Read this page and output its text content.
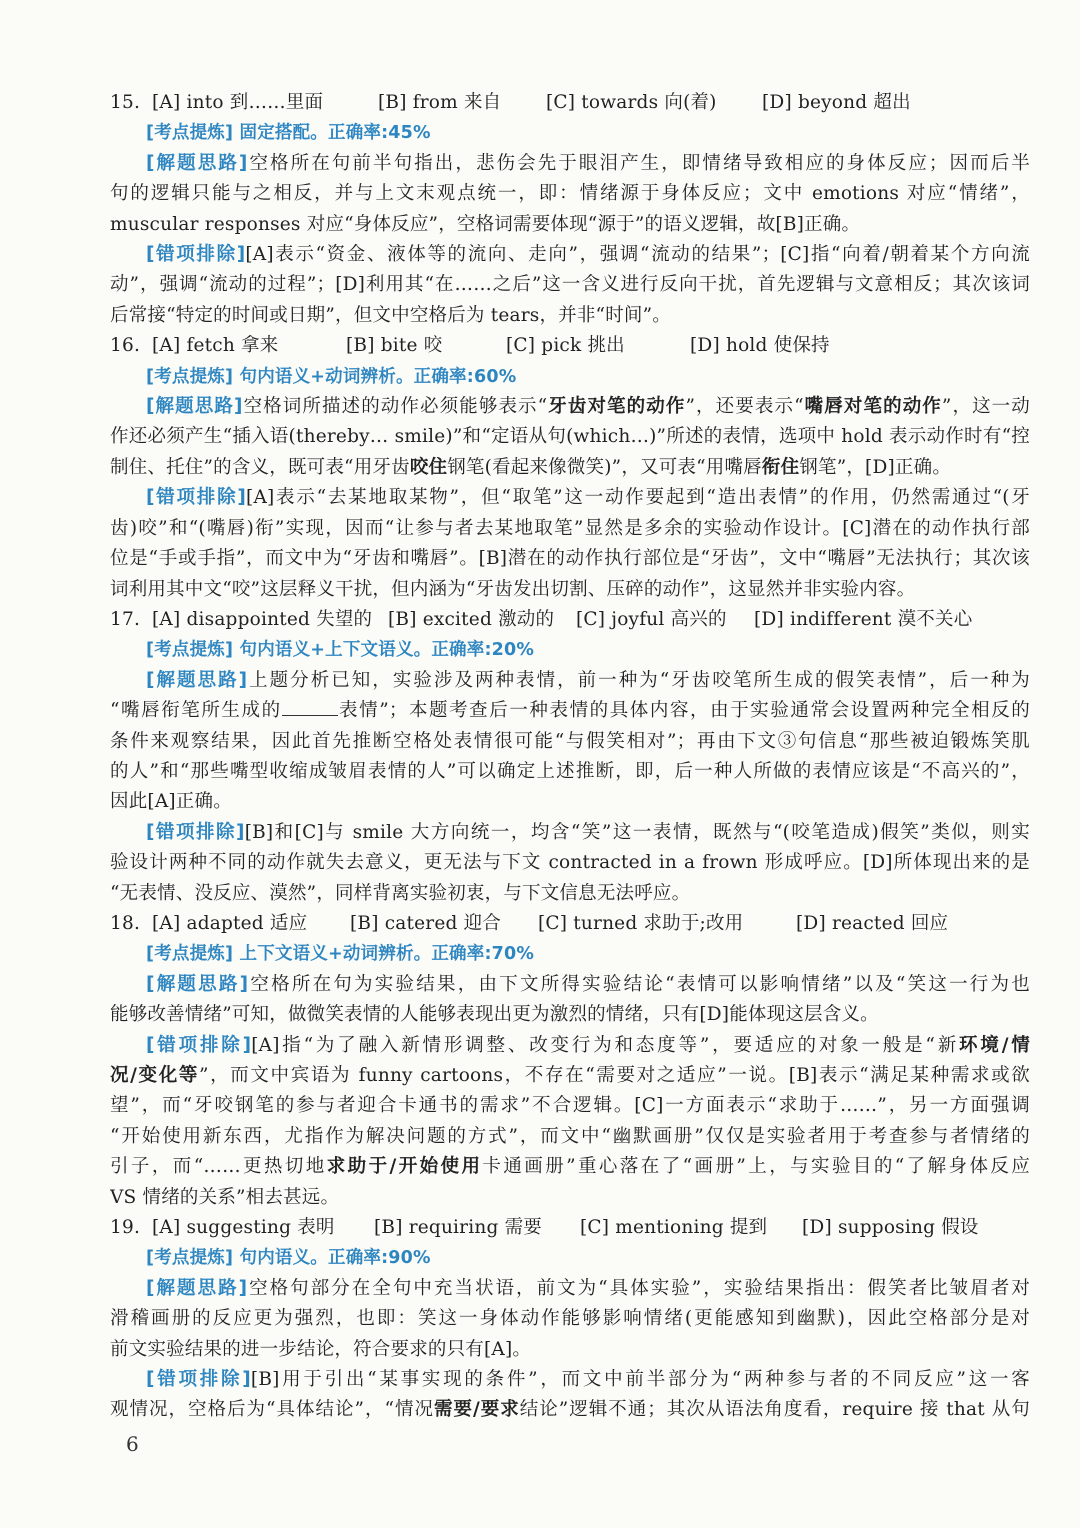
15. [A] into 到……里面	[B] from 来自	[C] towards 向(着)	[D] beyond 超出
[考点提炼] 固定搭配。正确率:45%
[解题思路]空格所在句前半句指出，悲伤会先于眼泪产生，即情绪导致相应的身体反应；因而后半
句的逻辑只能与之相反，并与上文末观点统一，即：情绪源于身体反应；文中 emotions 对应“情绪”，
muscular responses 对应“身体反应”，空格词需要体现“源于”的语义逻辑，故[B]正确。
[错项排除][A]表示“资金、液体等的流向、走向”，强调“流动的结果”；[C]指“向着/朝着某个方向流
动”，强调“流动的过程”；[D]利用其“在……之后”这一含义进行反向干扰，首先逻辑与文意相反；其次该词
后常接“特定的时间或日期”，但文中空格后为 tears，并非“时间”。
16. [A] fetch 拿来	[B] bite 咬	[C] pick 挑出	[D] hold 使保持
[考点提炼] 句内语义+动词辨析。正确率:60%
[解题思路]空格词所描述的动作必须能够表示“牙齿对笔的动作”，还要表示“嘴唇对笔的动作”，这一动
作还必须产生“插入语(thereby… smile)”和“定语从句(which…)”所述的表情，选项中 hold 表示动作时有“控
制住、托住”的含义，既可表“用牙齿咬住钢笔(看起来像微笑)”，又可表“用嘴唇衔住钢笔”，[D]正确。
[错项排除][A]表示“去某地取某物”，但“取笔”这一动作要起到“造出表情”的作用，仍然需通过“(牙
齿)咬”和“(嘴唇)衔”实现，因而“让参与者去某地取笔”显然是多余的实验动作设计。[C]潜在的动作执行部
位是“手或手指”，而文中为“牙齿和嘴唇”。[B]潜在的动作执行部位是“牙齿”，文中“嘴唇”无法执行；其次该
词利用其中文“咬”这层释义干扰，但内涵为“牙齿发出切割、压碎的动作”，这显然并非实验内容。
17. [A] disappointed 失望的 [B] excited 激动的	[C] joyful 高兴的	[D] indifferent 漠不关心
[考点提炼] 句内语义+上下文语义。正确率:20%
[解题思路]上题分析已知，实验涉及两种表情，前一种为“牙齿咬笔所生成的假笑表情”，后一种为
“嘴唇衔笔所生成的	表情”；本题考查后一种表情的具体内容，由于实验通常会设置两种完全相反的
条件来观察结果，因此首先推断空格处表情很可能“与假笑相对”；再由下文③句信息“那些被迫锻炼笑肌
的人”和“那些嘴型收缩成皱眉表情的人”可以确定上述推断，即，后一种人所做的表情应该是“不高兴的”，
因此[A]正确。
[错项排除][B]和[C]与 smile 大方向统一，均含“笑”这一表情，既然与“(咬笔造成)假笑”类似，则实
验设计两种不同的动作就失去意义，更无法与下文 contracted in a frown 形成呼应。[D]所体现出来的是
“无表情、没反应、漠然”，同样背离实验初衷，与下文信息无法呼应。
18. [A] adapted 适应	[B] catered 迎合	[C] turned 求助于;改用	[D] reacted 回应
[考点提炼] 上下文语义+动词辨析。正确率:70%
[解题思路]空格所在句为实验结果，由下文所得实验结论“表情可以影响情绪”以及“笑这一行为也
能够改善情绪”可知，做微笑表情的人能够表现出更为激烈的情绪，只有[D]能体现这层含义。
[错项排除][A]指“为了融入新情形调整、改变行为和态度等”，要适应的对象一般是“新环境/情
况/变化等”，而文中宾语为 funny cartoons，不存在“需要对之适应”一说。[B]表示“满足某种需求或欲
望”，而“牙咬钢笔的参与者迎合卡通书的需求”不合逻辑。[C]一方面表示“求助于……”，另一方面强调
“开始使用新东西，尤指作为解决问题的方式”，而文中“幽默画册”仅仅是实验者用于考查参与者情绪的
引子，而“……更热切地求助于/开始使用卡通画册”重心落在了“画册”上，与实验目的“了解身体反应
VS 情绪的关系”相去甚远。
19. [A] suggesting 表明	[B] requiring 需要	[C] mentioning 提到	[D] supposing 假设
[考点提炼] 句内语义。正确率:90%
[解题思路]空格句部分在全句中充当状语，前文为“具体实验”，实验结果指出：假笑者比皱眉者对
滑稽画册的反应更为强烈，也即：笑这一身体动作能够影响情绪(更能感知到幽默)，因此空格部分是对
前文实验结果的进一步结论，符合要求的只有[A]。
[错项排除][B]用于引出“某事实现的条件”，而文中前半部分为“两种参与者的不同反应”这一客
观情况，空格后为“具体结论”，“情况需要/要求结论”逻辑不通；其次从语法角度看，require 接 that 从句
6
